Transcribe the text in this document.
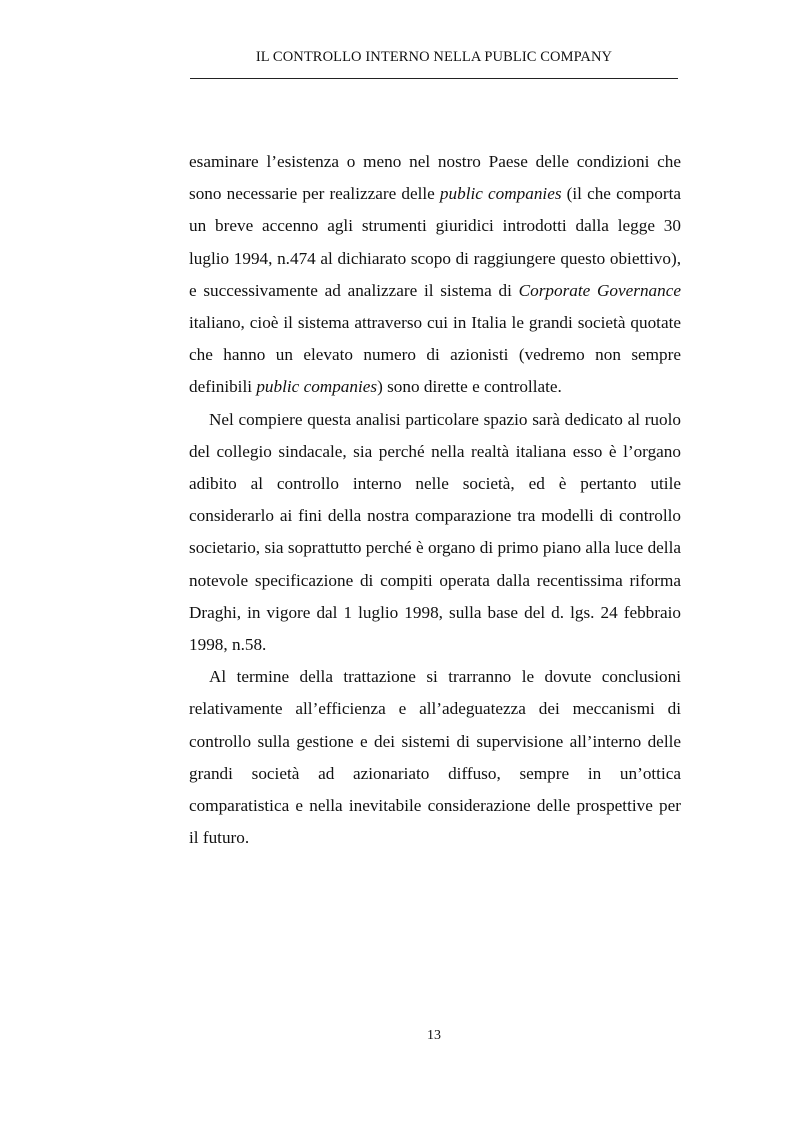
IL CONTROLLO INTERNO NELLA PUBLIC COMPANY

esaminare l’esistenza o meno nel nostro Paese delle condizioni che sono necessarie per realizzare delle public companies (il che comporta un breve accenno agli strumenti giuridici introdotti dalla legge 30 luglio 1994, n.474 al dichiarato scopo di raggiungere questo obiettivo), e successivamente ad analizzare il sistema di Corporate Governance italiano, cioè il sistema attraverso cui in Italia le grandi società quotate che hanno un elevato numero di azionisti (vedremo non sempre definibili public companies) sono dirette e controllate.

Nel compiere questa analisi particolare spazio sarà dedicato al ruolo del collegio sindacale, sia perché nella realtà italiana esso è l’organo adibito al controllo interno nelle società, ed è pertanto utile considerarlo ai fini della nostra comparazione tra modelli di controllo societario, sia soprattutto perché è organo di primo piano alla luce della notevole specificazione di compiti operata dalla recentissima riforma Draghi, in vigore dal 1 luglio 1998, sulla base del d. lgs. 24 febbraio 1998, n.58.

Al termine della trattazione si trarranno le dovute conclusioni relativamente all’efficienza e all’adeguatezza dei meccanismi di controllo sulla gestione e dei sistemi di supervisione all’interno delle grandi società ad azionariato diffuso, sempre in un’ottica comparatistica e nella inevitabile considerazione delle prospettive per il futuro.

13
